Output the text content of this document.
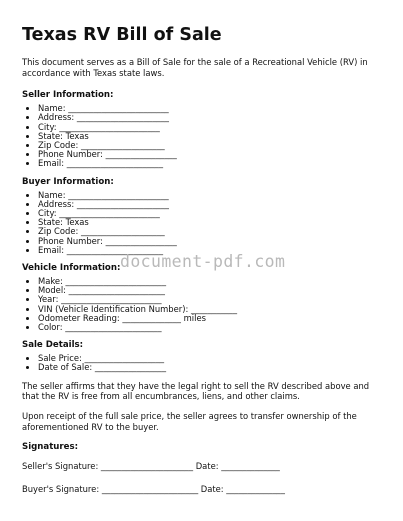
Texas RV Bill of Sale

This document serves as a Bill of Sale for the sale of a Recreational Vehicle (RV) in accordance with Texas state laws.

Seller Information:
• Name: ________________________
• Address: ______________________
• City: ________________________
• State: Texas
• Zip Code: ____________________
• Phone Number: _________________
• Email: _______________________
Buyer Information:
• Name: ________________________
• Address: ______________________
• City: ________________________
• State: Texas
• Zip Code: ____________________
• Phone Number: _________________
• Email: _______________________
Vehicle Information:
• Make: ________________________
• Model: _______________________
• Year: ________________________
• VIN (Vehicle Identification Number): ___________
• Odometer Reading: ______________ miles
• Color: _______________________
Sale Details:
• Sale Price: ___________________
• Date of Sale: _________________

The seller affirms that they have the legal right to sell the RV described above and that the RV is free from all encumbrances, liens, and other claims.

Upon receipt of the full sale price, the seller agrees to transfer ownership of the aforementioned RV to the buyer.

Signatures:

Seller's Signature: ______________________ Date: ______________

Buyer's Signature: _______________________ Date: ______________

document-pdf.com
